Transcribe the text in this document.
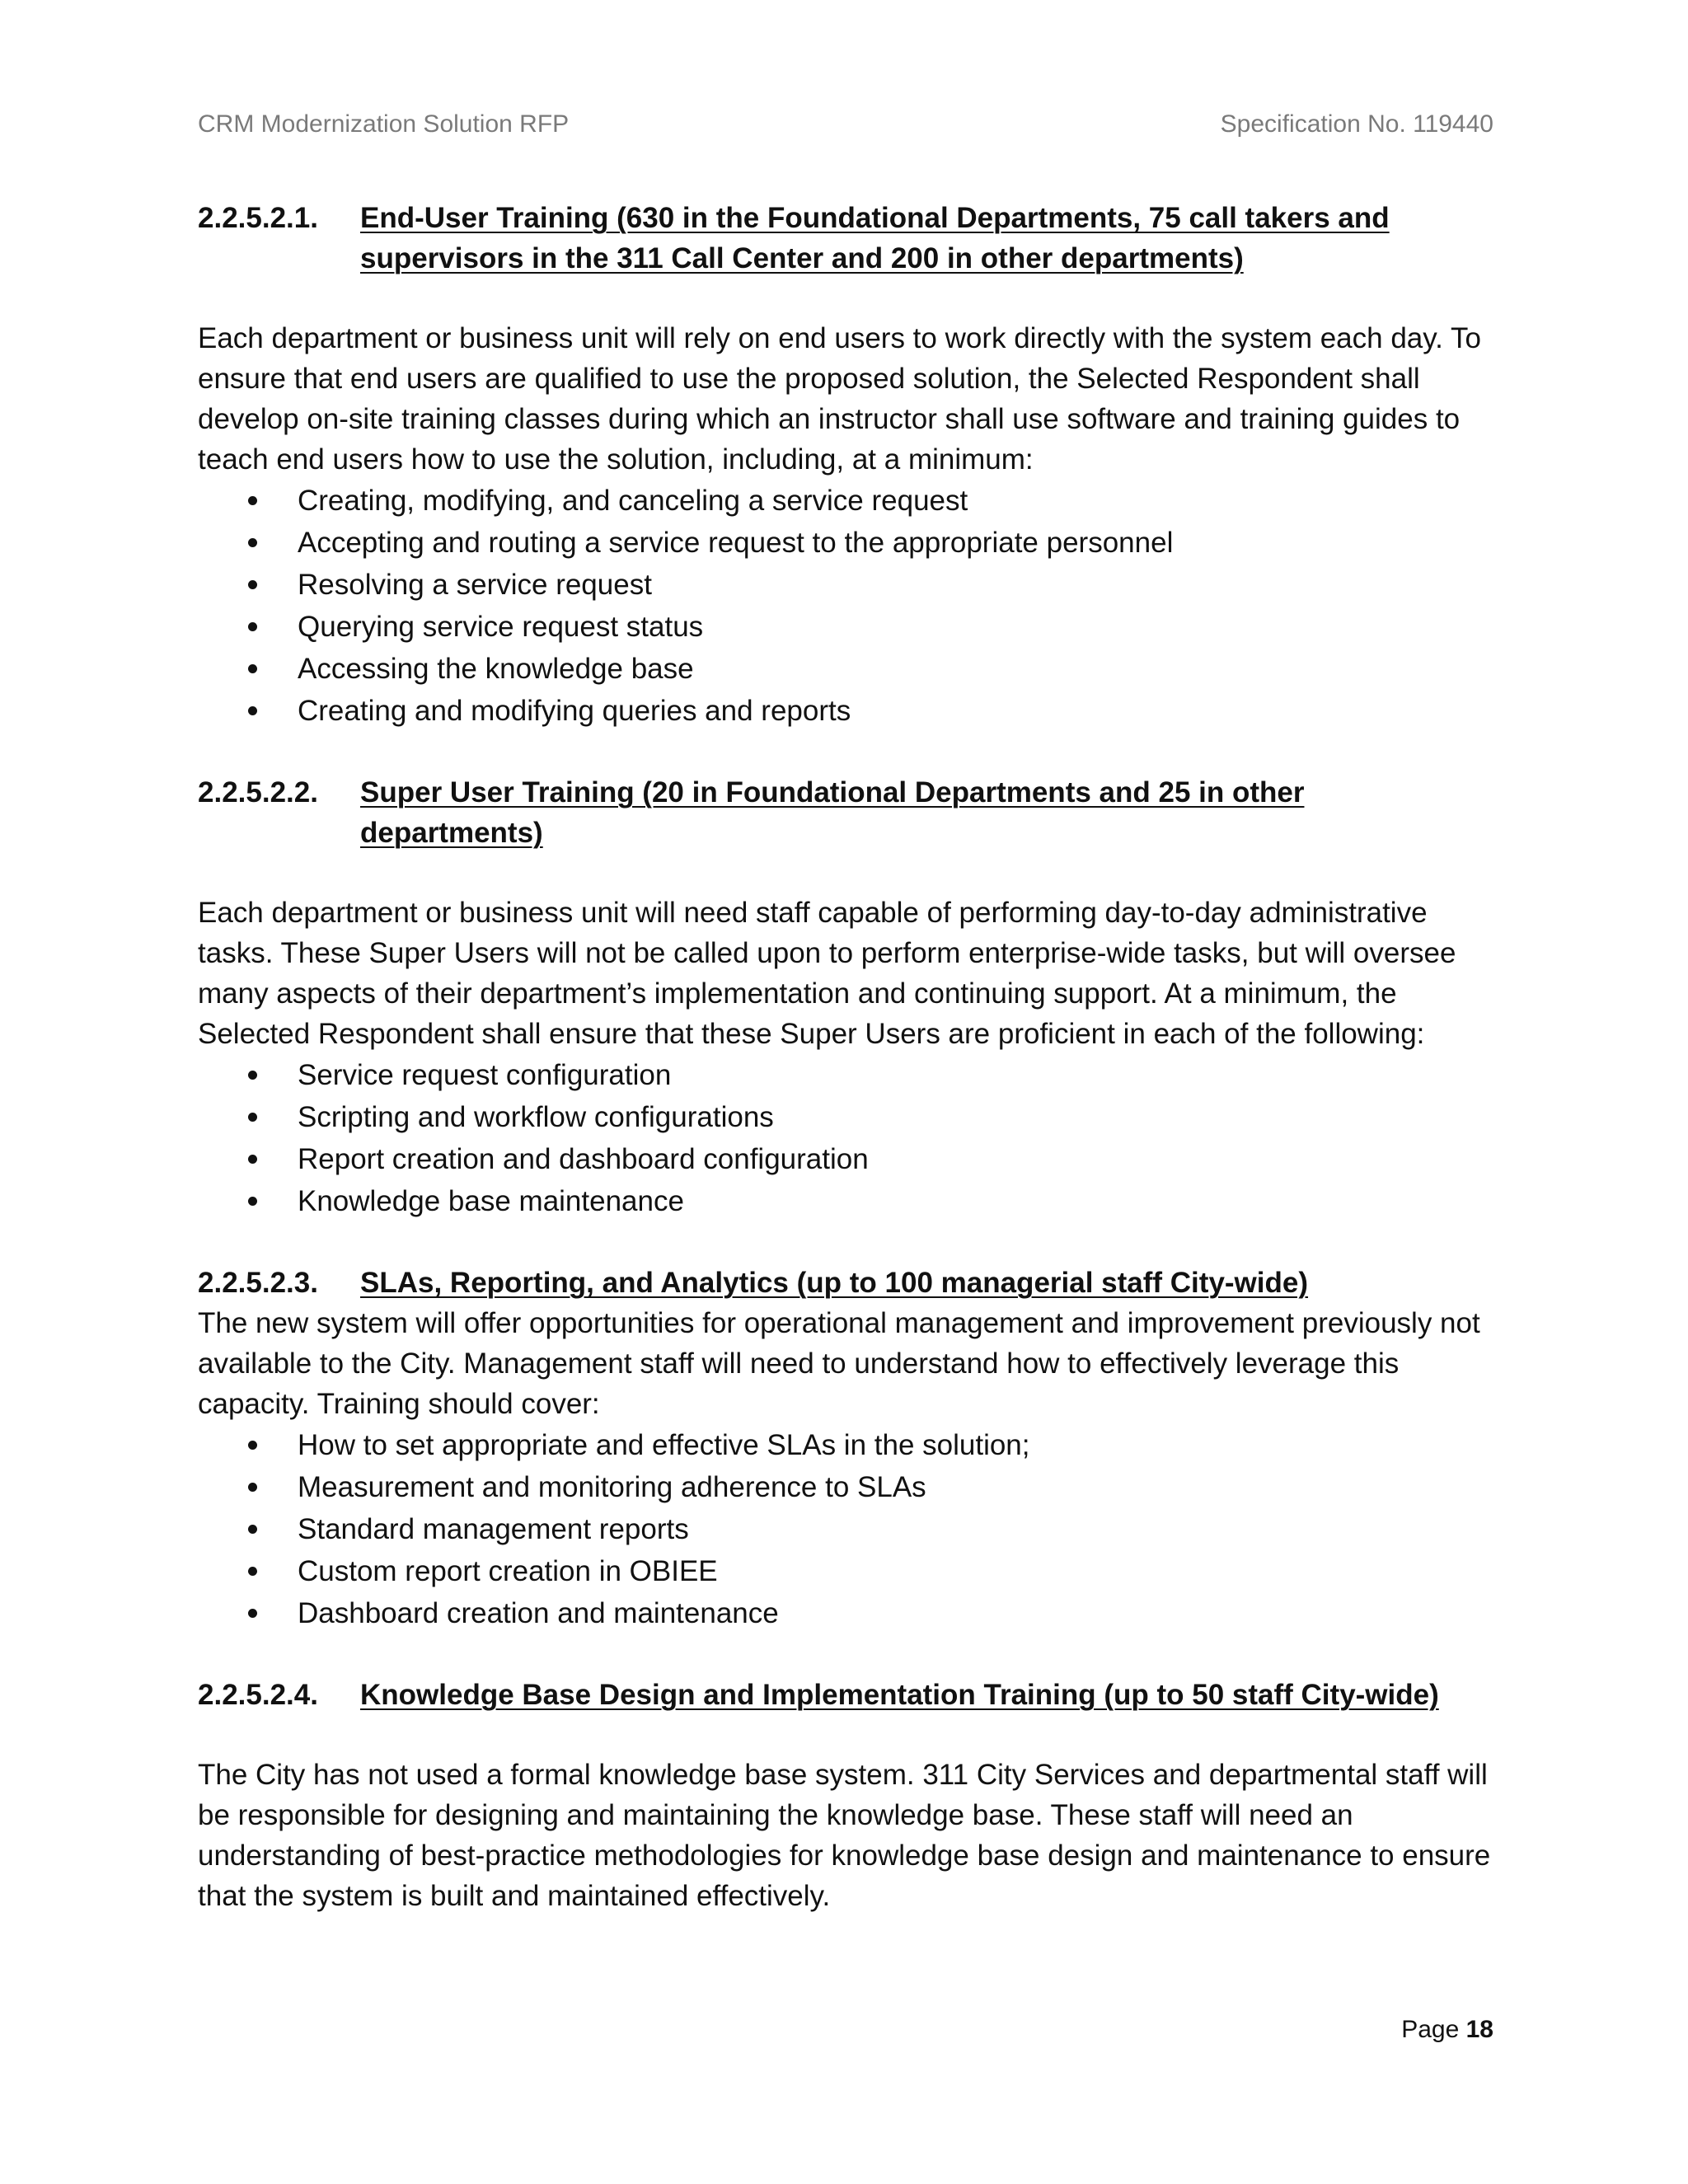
CRM Modernization Solution RFP	Specification No. 119440
2.2.5.2.1.	End-User Training (630 in the Foundational Departments, 75 call takers and
supervisors in the 311 Call Center and 200 in other departments)

Each department or business unit will rely on end users to work directly with the system each day. To ensure that end users are qualified to use the proposed solution, the Selected Respondent shall develop on-site training classes during which an instructor shall use software and training guides to teach end users how to use the solution, including, at a minimum:

Creating, modifying, and canceling a service request
Accepting and routing a service request to the appropriate personnel
Resolving a service request
Querying service request status
Accessing the knowledge base
Creating and modifying queries and reports
2.2.5.2.2.	Super User Training (20 in Foundational Departments and 25 in other
departments)

Each department or business unit will need staff capable of performing day-to-day administrative tasks. These Super Users will not be called upon to perform enterprise-wide tasks, but will oversee many aspects of their department’s implementation and continuing support. At a minimum, the Selected Respondent shall ensure that these Super Users are proficient in each of the following:

Service request configuration
Scripting and workflow configurations
Report creation and dashboard configuration
Knowledge base maintenance
2.2.5.2.3.	SLAs, Reporting, and Analytics (up to 100 managerial staff City-wide)

The new system will offer opportunities for operational management and improvement previously not available to the City. Management staff will need to understand how to effectively leverage this capacity. Training should cover:

How to set appropriate and effective SLAs in the solution;
Measurement and monitoring adherence to SLAs
Standard management reports
Custom report creation in OBIEE
Dashboard creation and maintenance
2.2.5.2.4.	Knowledge Base Design and Implementation Training (up to 50 staff City-wide)

The City has not used a formal knowledge base system. 311 City Services and departmental staff will be responsible for designing and maintaining the knowledge base. These staff will need an understanding of best-practice methodologies for knowledge base design and maintenance to ensure that the system is built and maintained effectively.

Page 18
